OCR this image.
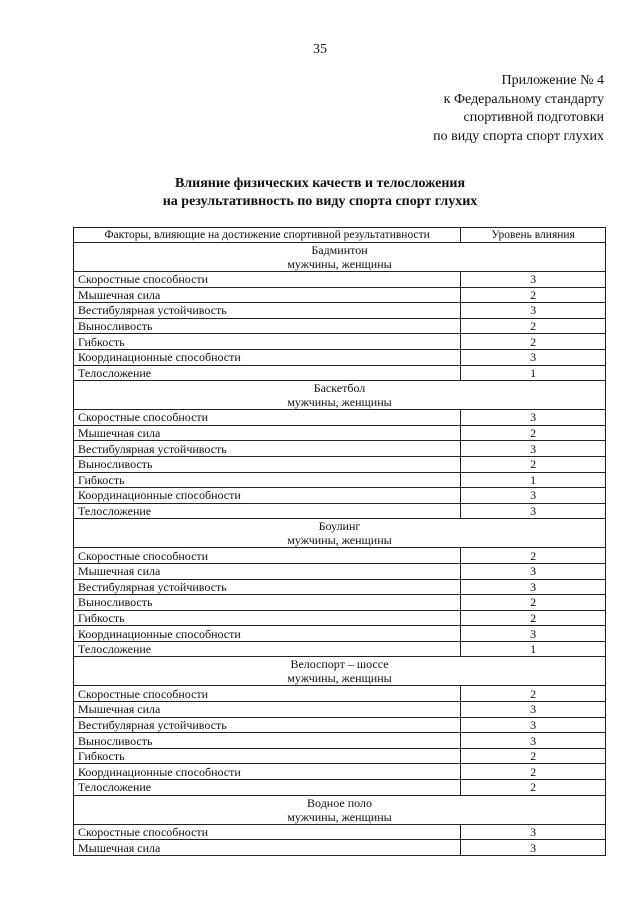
35
Приложение № 4
к Федеральному стандарту
спортивной подготовки
по виду спорта спорт глухих
Влияние физических качеств и телосложения
на результативность по виду спорта спорт глухих
Факторы, влияющие на достижение спортивной результативности	Уровень влияния

Бадминтон
мужчины, женщины	

Скоростные способности	3
Мышечная сила	2
Вестибулярная устойчивость	3
Выносливость	2
Гибкость	2
Координационные способности	3
Телосложение	1

Баскетбол
мужчины, женщины	

Скоростные способности	3
Мышечная сила	2
Вестибулярная устойчивость	3
Выносливость	2
Гибкость	1
Координационные способности	3
Телосложение	3

Боулинг
мужчины, женщины	

Скоростные способности	2
Мышечная сила	3
Вестибулярная устойчивость	3
Выносливость	2
Гибкость	2
Координационные способности	3
Телосложение	1

Велоспорт – шоссе
мужчины, женщины	

Скоростные способности	2
Мышечная сила	3
Вестибулярная устойчивость	3
Выносливость	3
Гибкость	2
Координационные способности	2
Телосложение	2

Водное поло
мужчины, женщины	

Скоростные способности	3
Мышечная сила	3
